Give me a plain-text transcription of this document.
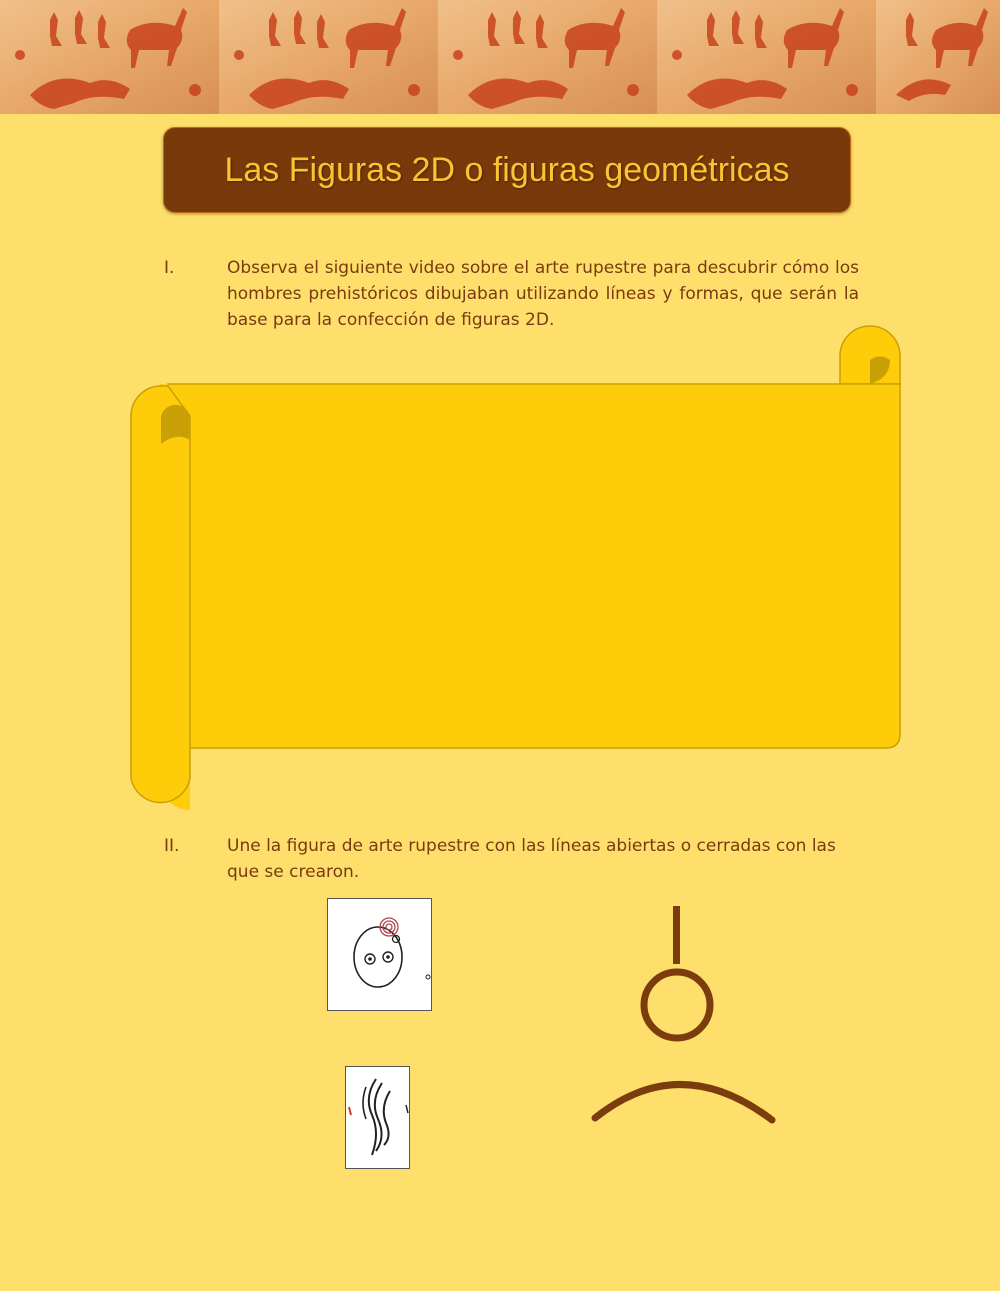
Las Figuras 2D o figuras geométricas
I.	Observa el siguiente video sobre el arte rupestre para descubrir cómo los hombres prehistóricos dibujaban utilizando líneas y formas, que serán la base para la confección de figuras 2D.
II.	Une la figura de arte rupestre con las líneas abiertas o cerradas con las que se crearon.
